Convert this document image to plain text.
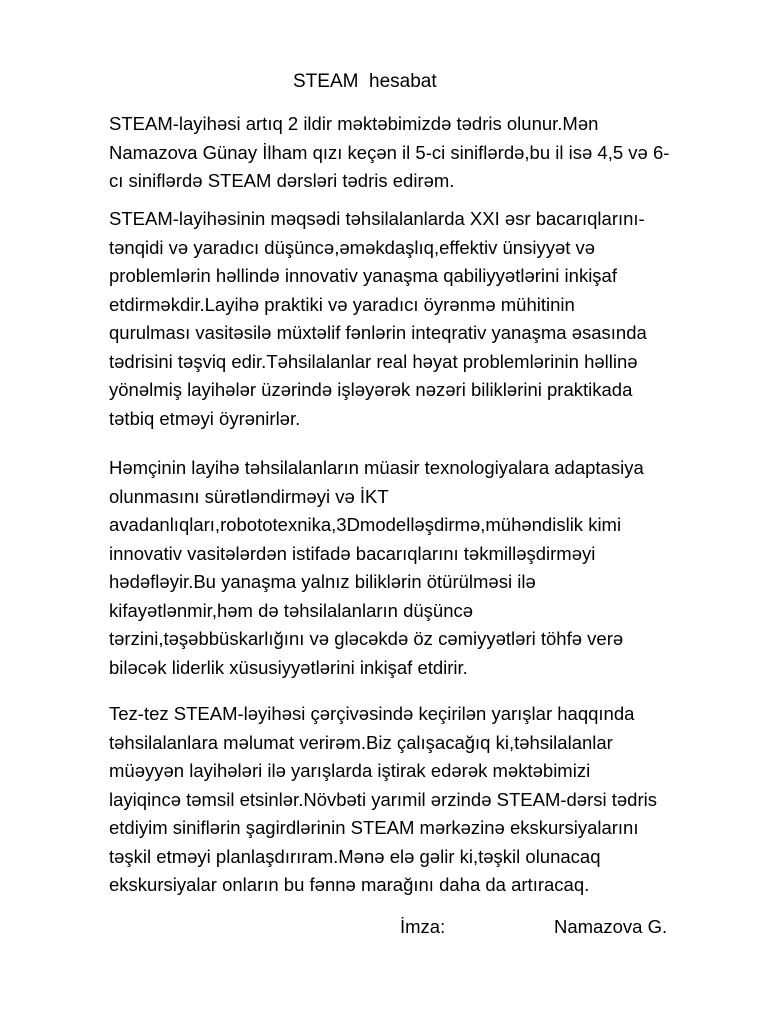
STEAM  hesabat
STEAM-layihəsi artıq 2 ildir məktəbimizdə tədris olunur.Mən
Namazova Günay İlham qızı keçən il 5-ci siniflərdə,bu il isə 4,5 və 6-
cı siniflərdə STEAM dərsləri tədris edirəm.
STEAM-layihəsinin məqsədi təhsilalanlarda XXI əsr bacarıqlarını-
tənqidi və yaradıcı düşüncə,əməkdaşlıq,effektiv ünsiyyət və
problemlərin həllində innovativ yanaşma qabiliyyətlərini inkişaf
etdirməkdir.Layihə praktiki və yaradıcı öyrənmə mühitinin
qurulması vasitəsilə müxtəlif fənlərin inteqrativ yanaşma əsasında
tədrisini təşviq edir.Təhsilalanlar real həyat problemlərinin həllinə
yönəlmiş layihələr üzərində işləyərək nəzəri biliklərini praktikada
tətbiq etməyi öyrənirlər.
Həmçinin layihə təhsilalanların müasir texnologiyalara adaptasiya
olunmasını sürətləndirməyi və İKT
avadanlıqları,robototexnika,3Dmodelləşdirmə,mühəndislik kimi
innovativ vasitələrdən istifadə bacarıqlarını təkmilləşdirməyi
hədəfləyir.Bu yanaşma yalnız biliklərin ötürülməsi ilə
kifayətlənmir,həm də təhsilalanların düşüncə
tərzini,təşəbbüskarlığını və gləcəkdə öz cəmiyyətləri töhfə verə
biləcək liderlik xüsusiyyətlərini inkişaf etdirir.
Tez-tez STEAM-ləyihəsi çərçivəsində keçirilən yarışlar haqqında
təhsilalanlara məlumat verirəm.Biz çalışacağıq ki,təhsilalanlar
müəyyən layihələri ilə yarışlarda iştirak edərək məktəbimizi
layiqincə təmsil etsinlər.Növbəti yarımil ərzində STEAM-dərsi tədris
etdiyim siniflərin şagirdlərinin STEAM mərkəzinə ekskursiyalarını
təşkil etməyi planlaşdırıram.Mənə elə gəlir ki,təşkil olunacaq
ekskursiyalar onların bu fənnə marağını daha da artıracaq.
İmza:	Namazova G.
